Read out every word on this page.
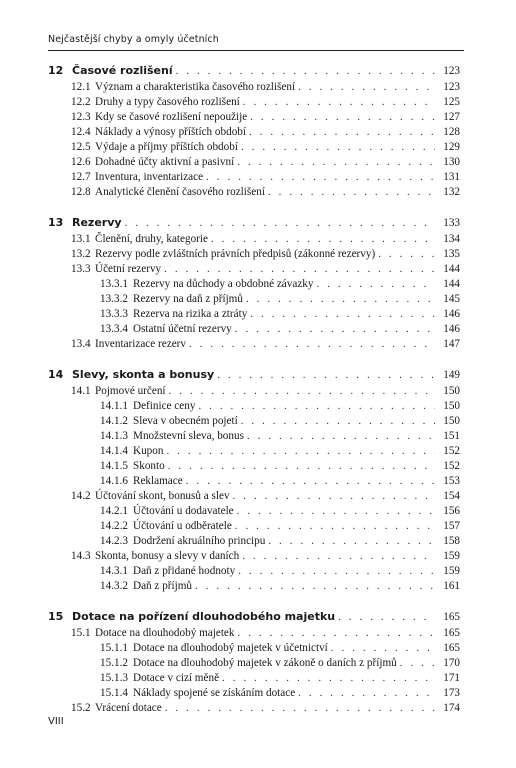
Nejčastější chyby a omyly účetních
12 Časové rozlišení . . .	123
12.1 Význam a charakteristika časového rozlišení . . .	123
12.2 Druhy a typy časového rozlišení . . .	125
12.3 Kdy se časové rozlišení nepoužije . . .	127
12.4 Náklady a výnosy příštích období . . .	128
12.5 Výdaje a příjmy příštích období . . .	129
12.6 Dohadné účty aktivní a pasivní . . .	130
12.7 Inventura, inventarizace . . .	131
12.8 Analytické členění časového rozlišení . . .	132
13 Rezervy . . .	133
13.1 Členění, druhy, kategorie . . .	134
13.2 Rezervy podle zvláštních právních předpisů (zákonné rezervy) . . .	135
13.3 Účetní rezervy . . .	144
13.3.1 Rezervy na důchody a obdobné závazky . . .	144
13.3.2 Rezervy na daň z příjmů . . .	145
13.3.3 Rezerva na rizika a ztráty . . .	146
13.3.4 Ostatní účetní rezervy . . .	146
13.4 Inventarizace rezerv . . .	147
14 Slevy, skonta a bonusy . . .	149
14.1 Pojmové určení . . .	150
14.1.1 Definice ceny . . .	150
14.1.2 Sleva v obecném pojetí . . .	150
14.1.3 Množstevní sleva, bonus . . .	151
14.1.4 Kupon . . .	152
14.1.5 Skonto . . .	152
14.1.6 Reklamace . . .	153
14.2 Účtování skont, bonusů a slev . . .	154
14.2.1 Účtování u dodavatele . . .	156
14.2.2 Účtování u odběratele . . .	157
14.2.3 Dodržení akruálního principu . . .	158
14.3 Skonta, bonusy a slevy v daních . . .	159
14.3.1 Daň z přidané hodnoty . . .	159
14.3.2 Daň z příjmů . . .	161
15 Dotace na pořízení dlouhodobého majetku . . .	165
15.1 Dotace na dlouhodobý majetek . . .	165
15.1.1 Dotace na dlouhodobý majetek v účetnictví . . .	165
15.1.2 Dotace na dlouhodobý majetek v zákoně o daních z příjmů . . .	170
15.1.3 Dotace v cizí měně . . .	171
15.1.4 Náklady spojené se získáním dotace . . .	173
15.2 Vrácení dotace . . .	174
VIII
